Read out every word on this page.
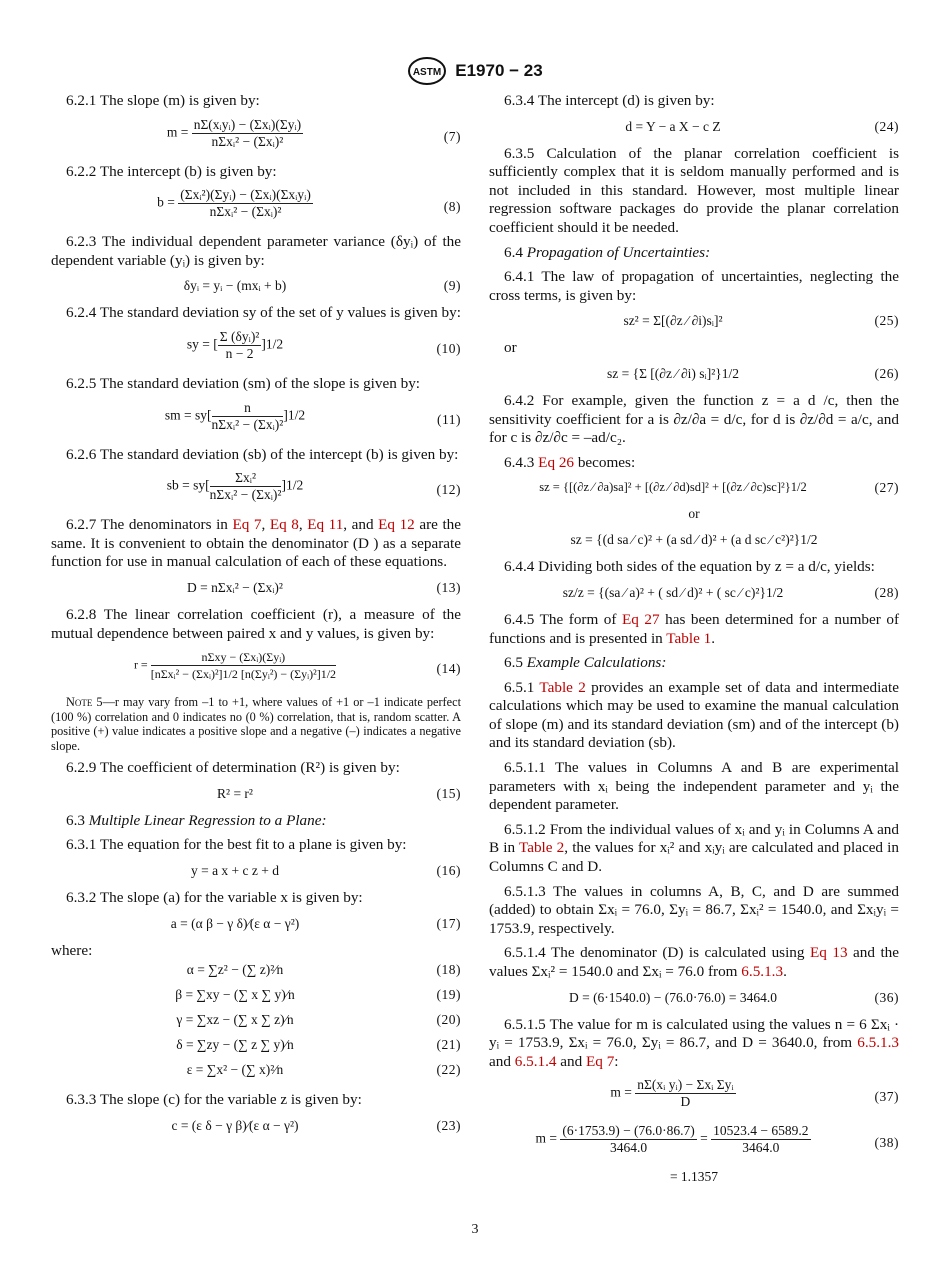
ASTM E1970 − 23

6.2.1 The slope (m) is given by:

$m = \frac{\text{nΣ(xᵢyᵢ) − (Σxᵢ)(Σyᵢ)}}{\text{nΣxᵢ² − (Σxᵢ)²}}$	(7)

6.2.2 The intercept (b) is given by:

$b = \frac{\text{(Σxᵢ²)(Σyᵢ) − (Σxᵢ)(Σxᵢyᵢ)}}{\text{nΣxᵢ² − (Σxᵢ)²}}$	(8)

6.2.3 The individual dependent parameter variance (δyᵢ) of the dependent variable (yᵢ) is given by:

δyᵢ = yᵢ − (mxᵢ + b)	(9)

6.2.4 The standard deviation sy of the set of y values is given by:

sy = [ $\frac{\text{Σ (δyᵢ)²}}{n - 2} ]1/2$	(10)

6.2.5 The standard deviation (sm) of the slope is given by:

sm = $sy[ \frac{n}{\text{nΣxᵢ² − (Σxᵢ)²}} ]1/2$	(11)

6.2.6 The standard deviation (sb) of the intercept (b) is given by:

sb = $sy[ \frac{\text{Σxᵢ²}}{\text{nΣxᵢ² − (Σxᵢ)²}} ]1/2$	(12)

6.2.7 The denominators in Eq 7, Eq 8, Eq 11, and Eq 12 are the same. It is convenient to obtain the denominator (D ) as a separate function for use in manual calculation of each of these equations.

D = nΣxᵢ² − (Σxᵢ)²	(13)

6.2.8 The linear correlation coefficient (r), a measure of the mutual dependence between paired x and y values, is given by:

$r = \frac{\text{nΣxy − (Σxᵢ)(Σyᵢ)}}{\text{[nΣxᵢ² − (Σxᵢ)²]1/2 [n(Σyᵢ²) − (Σyᵢ)²]1/2}}$	(14)

Note 5—r may vary from –1 to +1, where values of +1 or –1 indicate perfect (100 %) correlation and 0 indicates no (0 %) correlation, that is, random scatter. A positive (+) value indicates a positive slope and a negative (–) indicates a negative slope.

6.2.9 The coefficient of determination (R²) is given by:

R² = r²	(15)

6.3 Multiple Linear Regression to a Plane:

6.3.1 The equation for the best fit to a plane is given by:

y = a x + c z + d	(16)

6.3.2 The slope (a) for the variable x is given by:

a = (α β − γ δ)⁄(ε α − γ²)	(17)

where:

α = ∑z² − (∑ z)²⁄n	(18)
β = ∑xy − (∑ x ∑ y)⁄n	(19)
γ = ∑xz − (∑ x ∑ z)⁄n	(20)
δ = ∑zy − (∑ z ∑ y)⁄n	(21)
ε = ∑x² − (∑ x)²⁄n	(22)

6.3.3 The slope (c) for the variable z is given by:

c = (ε δ − γ β)⁄(ε α − γ²)	(23)

6.3.4 The intercept (d) is given by:

d = Y − a X − c Z	(24)

6.3.5 Calculation of the planar correlation coefficient is sufficiently complex that it is seldom manually performed and is not included in this standard. However, most multiple linear regression software packages do provide the planar correlation coefficient should it be needed.

6.4 Propagation of Uncertainties:

6.4.1 The law of propagation of uncertainties, neglecting the cross terms, is given by:

sz² = Σ[(∂z ⁄ ∂i)sᵢ]²	(25)

or

sz = {Σ [(∂z ⁄ ∂i) sᵢ]²}1/2	(26)

6.4.2 For example, given the function z = a d /c, then the sensitivity coefficient for a is ∂z/∂a = d/c, for d is ∂z/∂d = a/c, and for c is ∂z/∂c = –ad/c₂.

6.4.3 Eq 26 becomes:

sz = {[(∂z ⁄ ∂a)sa]² + [(∂z ⁄ ∂d)sd]² + [(∂z ⁄ ∂c)sc]²}1/2	(27)
or
sz = {(d sa ⁄ c)² + (a sd ⁄ d)² + (a d sc ⁄ c²)²}1/2

6.4.4 Dividing both sides of the equation by z = a d/c, yields:

sz/z = {(sa ⁄ a)² + ( sd ⁄ d)² + ( sc ⁄ c)²}1/2	(28)

6.4.5 The form of Eq 27 has been determined for a number of functions and is presented in Table 1.

6.5 Example Calculations:

6.5.1 Table 2 provides an example set of data and intermediate calculations which may be used to examine the manual calculation of slope (m) and its standard deviation (sm) and of the intercept (b) and its standard deviation (sb).

6.5.1.1 The values in Columns A and B are experimental parameters with xᵢ being the independent parameter and yᵢ the dependent parameter.

6.5.1.2 From the individual values of xᵢ and yᵢ in Columns A and B in Table 2, the values for xᵢ² and xᵢyᵢ are calculated and placed in Columns C and D.

6.5.1.3 The values in columns A, B, C, and D are summed (added) to obtain Σxᵢ = 76.0, Σyᵢ = 86.7, Σxᵢ² = 1540.0, and Σxᵢyᵢ = 1753.9, respectively.

6.5.1.4 The denominator (D) is calculated using Eq 13 and the values Σxᵢ² = 1540.0 and Σxᵢ = 76.0 from 6.5.1.3.

D = (6·1540.0) − (76.0·76.0) = 3464.0	(36)

6.5.1.5 The value for m is calculated using the values n = 6 Σxᵢ · yᵢ = 1753.9, Σxᵢ = 76.0, Σyᵢ = 86.7, and D = 3640.0, from 6.5.1.3 and 6.5.1.4 and Eq 7:

$m = \frac{\text{nΣ(xᵢ yᵢ) − Σxᵢ Σyᵢ}}{D}$	(37)
$m = \frac{(6\cdot 1753.9) - (76.0\cdot 86.7)}{3464.0} = \frac{10523.4 - 6589.2}{3464.0}$	(38)
= 1.1357
3
